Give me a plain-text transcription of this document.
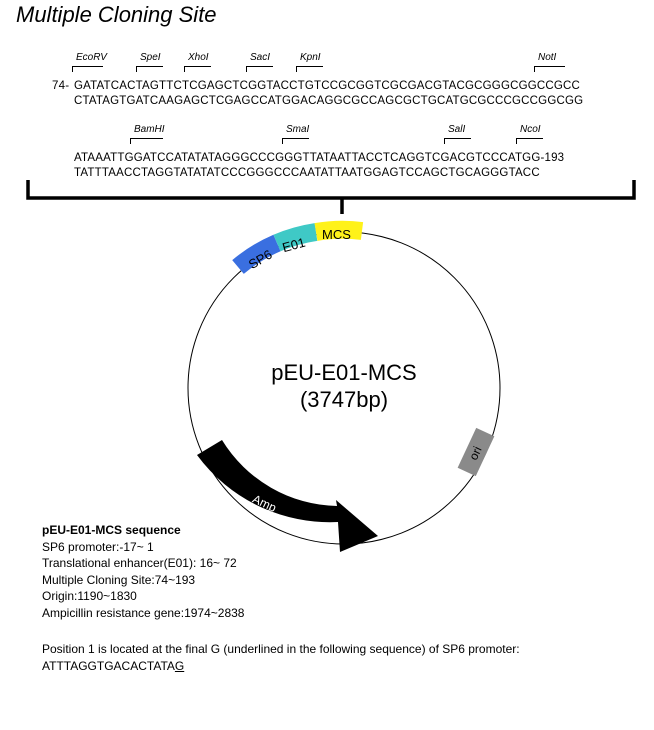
Multiple Cloning Site
EcoRV	SpeI	XhoI	SacI	KpnI	NotI
74- GATATCACTAGTTCTCGAGCTCGGTACCTGTCCGCGGTCGCGACGTACGCGGGCGGCCGCC
CTATAGTGATCAAGAGCTCGAGCCATGGACAGGCGCCAGCGCTGCATGCGCCCGCCGGCGG
BamHI	SmaI	SalI	NcoI
ATAAATTGGATCCATATATAGGGCCCGGGTTATAATTACCTCAGGTCGACGTCCCATGG-193
TATTTAACCTAGGTATATATCCCGGGCCCAATATTAATGGAGTCCAGCTGCAGGGTACC
SP6
E01
MCS
ori
Amp
pEU-E01-MCS
(3747bp)
pEU-E01-MCS sequence
SP6 promoter:-17~ 1
Translational enhancer(E01): 16~ 72
Multiple Cloning Site:74~193
Origin:1190~1830
Ampicillin resistance gene:1974~2838
Position 1 is located at the final G (underlined in the following sequence) of SP6 promoter:
ATTTAGGTGACACTATAG
